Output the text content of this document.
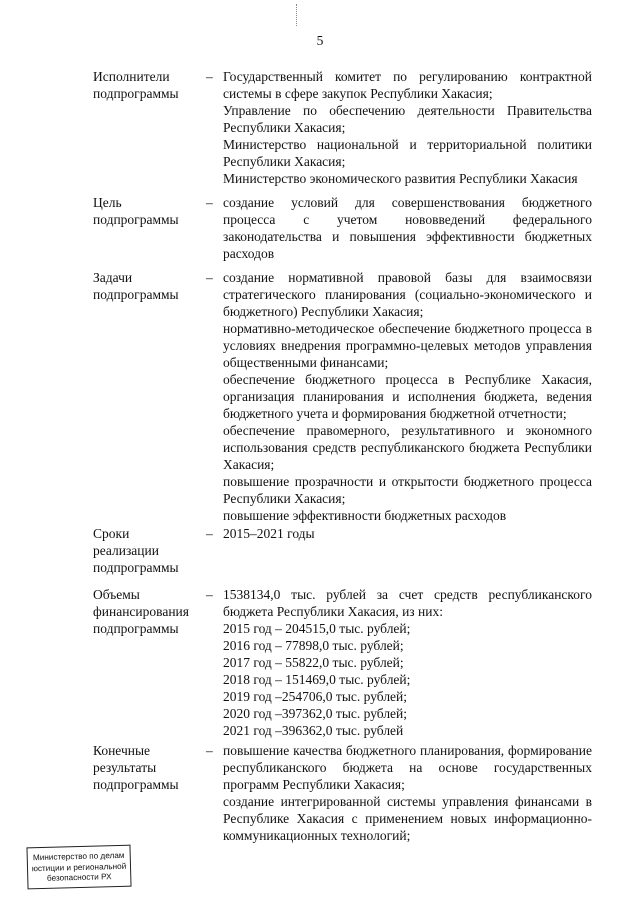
5
Исполнители
подпрограммы
– Государственный комитет по регулированию контрактной системы в сфере закупок Республики Хакасия;

Управление по обеспечению деятельности Правительства Республики Хакасия;

Министерство национальной и территориальной политики Республики Хакасия;

Министерство экономического развития Республики Хакасия

Цель
подпрограммы
– создание условий для совершенствования бюджетного процесса с учетом нововведений федерального законодательства и повышения эффективности бюджетных расходов

Задачи
подпрограммы
– создание нормативной правовой базы для взаимосвязи стратегического планирования (социально-экономического и бюджетного) Республики Хакасия;

нормативно-методическое обеспечение бюджетного процесса в условиях внедрения программно-целевых методов управления общественными финансами;

обеспечение бюджетного процесса в Республике Хакасия, организация планирования и исполнения бюджета, ведения бюджетного учета и формирования бюджетной отчетности;

обеспечение правомерного, результативного и экономного использования средств республиканского бюджета Республики Хакасия;

повышение прозрачности и открытости бюджетного процесса Республики Хакасия;

повышение эффективности бюджетных расходов

Сроки
реализации
подпрограммы
– 2015–2021 годы

Объемы
финансирования
подпрограммы
– 1538134,0 тыс. рублей за счет средств республиканского бюджета Республики Хакасия, из них:

2015 год – 204515,0 тыс. рублей;

2016 год – 77898,0 тыс. рублей;

2017 год – 55822,0 тыс. рублей;

2018 год – 151469,0 тыс. рублей;

2019 год –254706,0 тыс. рублей;

2020 год –397362,0 тыс. рублей;

2021 год –396362,0 тыс. рублей

Конечные
результаты
подпрограммы
– повышение качества бюджетного планирования, формирование республиканского бюджета на основе государственных программ Республики Хакасия;

создание интегрированной системы управления финансами в Республике Хакасия с применением новых информационно-коммуникационных технологий;

Министерство по делам
юстиции и региональной
безопасности РХ
